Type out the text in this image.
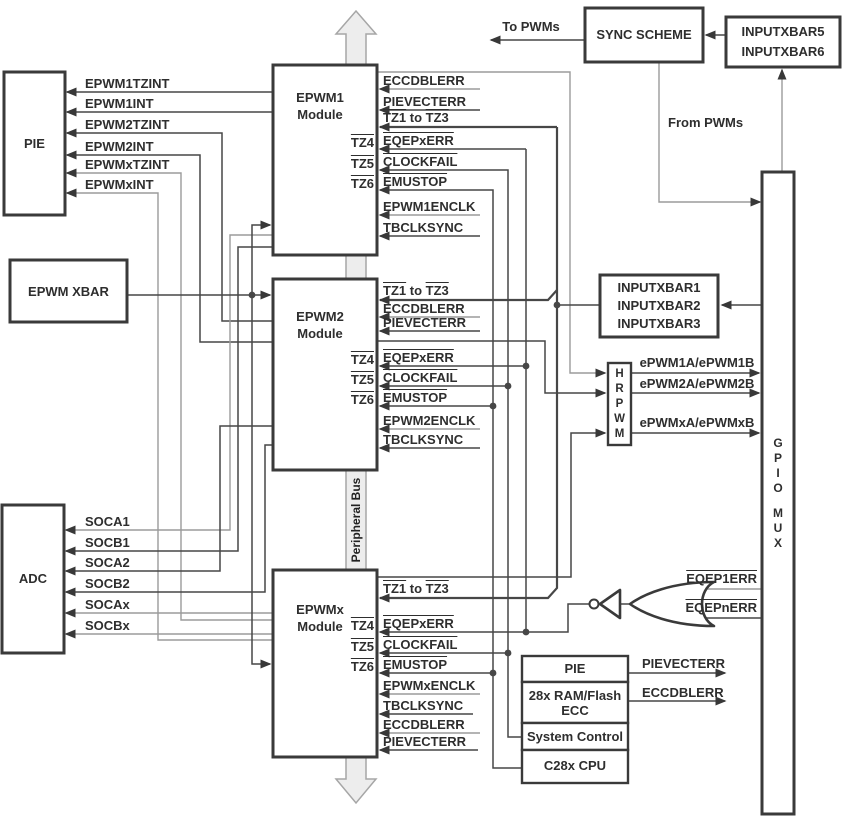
PIE
EPWM XBAR
ADC
EPWM1
Module
EPWM2
Module
EPWMx
Module
SYNC SCHEME	INPUTXBAR5
INPUTXBAR6
INPUTXBAR1
INPUTXBAR2
INPUTXBAR3
H
R
P
W
M
G
P
I
O
M
U
X
PIE
28x RAM/Flash
ECC
System Control
C28x CPU
Peripheral Bus
EPWM1TZINT
EPWM1INT
EPWM2TZINT
EPWM2INT
EPWMxTZINT
EPWMxINT
SOCA1
SOCB1
SOCA2
SOCB2
SOCAx
SOCBx
ECCDBLERR
PIEVECTERR
TZ1 to TZ3
EQEPxERR
CLOCKFAIL
EMUSTOP
EPWM1ENCLK
TBCLKSYNC
TZ4
TZ5
TZ6
TZ1 to TZ3
ECCDBLERR
PIEVECTERR
EQEPxERR
CLOCKFAIL
EMUSTOP
EPWM2ENCLK
TBCLKSYNC
TZ4
TZ5
TZ6
TZ1 to TZ3
EQEPxERR
CLOCKFAIL
EMUSTOP
EPWMxENCLK
TBCLKSYNC
ECCDBLERR
PIEVECTERR
TZ4
TZ5
TZ6
To PWMs
From PWMs
ePWM1A/ePWM1B
ePWM2A/ePWM2B
ePWMxA/ePWMxB
EQEP1ERR
EQEPnERR
PIEVECTERR
ECCDBLERR
